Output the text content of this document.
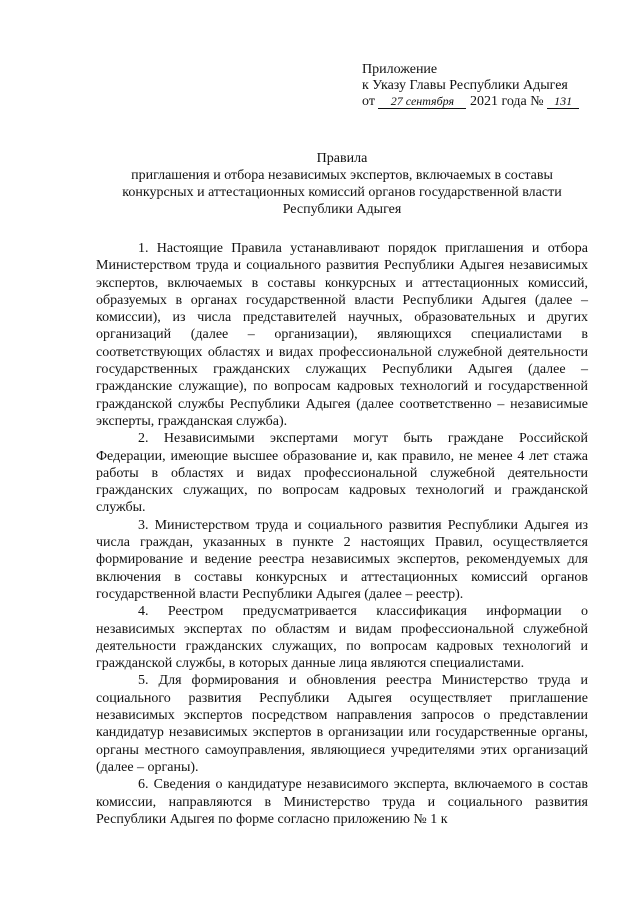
Приложение
к Указу Главы Республики Адыгея
от 27 сентября 2021 года № 131
Правила
приглашения и отбора независимых экспертов, включаемых в составы
конкурсных и аттестационных комиссий органов государственной власти
Республики Адыгея

1. Настоящие Правила устанавливают порядок приглашения и отбора Министерством труда и социального развития Республики Адыгея независимых экспертов, включаемых в составы конкурсных и аттестационных комиссий, образуемых в органах государственной власти Республики Адыгея (далее – комиссии), из числа представителей научных, образовательных и других организаций (далее – организации), являющихся специалистами в соответствующих областях и видах профессиональной служебной деятельности государственных гражданских служащих Республики Адыгея (далее – гражданские служащие), по вопросам кадровых технологий и государственной гражданской службы Республики Адыгея (далее соответственно – независимые эксперты, гражданская служба).

2. Независимыми экспертами могут быть граждане Российской Федерации, имеющие высшее образование и, как правило, не менее 4 лет стажа работы в областях и видах профессиональной служебной деятельности гражданских служащих, по вопросам кадровых технологий и гражданской службы.

3. Министерством труда и социального развития Республики Адыгея из числа граждан, указанных в пункте 2 настоящих Правил, осуществляется формирование и ведение реестра независимых экспертов, рекомендуемых для включения в составы конкурсных и аттестационных комиссий органов государственной власти Республики Адыгея (далее – реестр).

4. Реестром предусматривается классификация информации о независимых экспертах по областям и видам профессиональной служебной деятельности гражданских служащих, по вопросам кадровых технологий и гражданской службы, в которых данные лица являются специалистами.

5. Для формирования и обновления реестра Министерство труда и социального развития Республики Адыгея осуществляет приглашение независимых экспертов посредством направления запросов о представлении кандидатур независимых экспертов в организации или государственные органы, органы местного самоуправления, являющиеся учредителями этих организаций (далее – органы).

6. Сведения о кандидатуре независимого эксперта, включаемого в состав комиссии, направляются в Министерство труда и социального развития Республики Адыгея по форме согласно приложению № 1 к
